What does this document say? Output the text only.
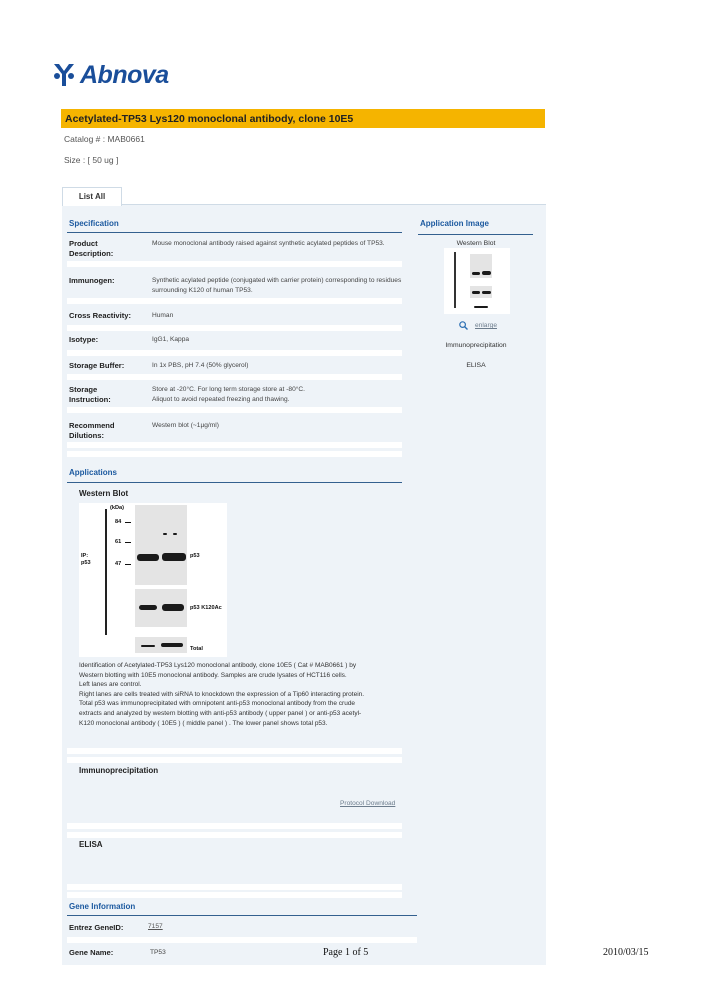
Abnova
Acetylated-TP53 Lys120 monoclonal antibody, clone 10E5
Catalog # : MAB0661
Size : [ 50 ug ]
List All
Specification
Product
Description:
Mouse monoclonal antibody raised against synthetic acylated peptides of TP53.
Immunogen:	Synthetic acylated peptide (conjugated with carrier protein) corresponding to residues surrounding K120 of human TP53.
Cross Reactivity:	Human
Isotype:	IgG1, Kappa
Storage Buffer:	In 1x PBS, pH 7.4 (50% glycerol)
Storage
Instruction:
Store at -20°C. For long term storage store at -80°C.
Aliquot to avoid repeated freezing and thawing.
Recommend
Dilutions:
Western blot (~1µg/ml)
Application Image
Western Blot
enlarge
Immunoprecipitation
ELISA
Applications
Western Blot
(kDa)
84
61
47
IP:
p53
p53
p53 K120Ac
Total
Identification of Acetylated-TP53 Lys120 monoclonal antibody, clone 10E5 ( Cat # MAB0661 ) by
Western blotting with 10E5 monoclonal antibody. Samples are crude lysates of HCT116 cells.
Left lanes are control.
Right lanes are cells treated with siRNA to knockdown the expression of a Tip60 interacting protein.
Total p53 was immunoprecipitated with omnipotent anti-p53 monoclonal antibody from the crude
extracts and analyzed by western blotting with anti-p53 antibody ( upper panel ) or anti-p53 acetyl-
K120 monoclonal antibody ( 10E5 ) ( middle panel ) . The lower panel shows total p53.
Immunoprecipitation
Protocol Download
ELISA
Gene Information
Entrez GeneID:	7157
Gene Name:	TP53	Page 1 of 5	2010/03/15
